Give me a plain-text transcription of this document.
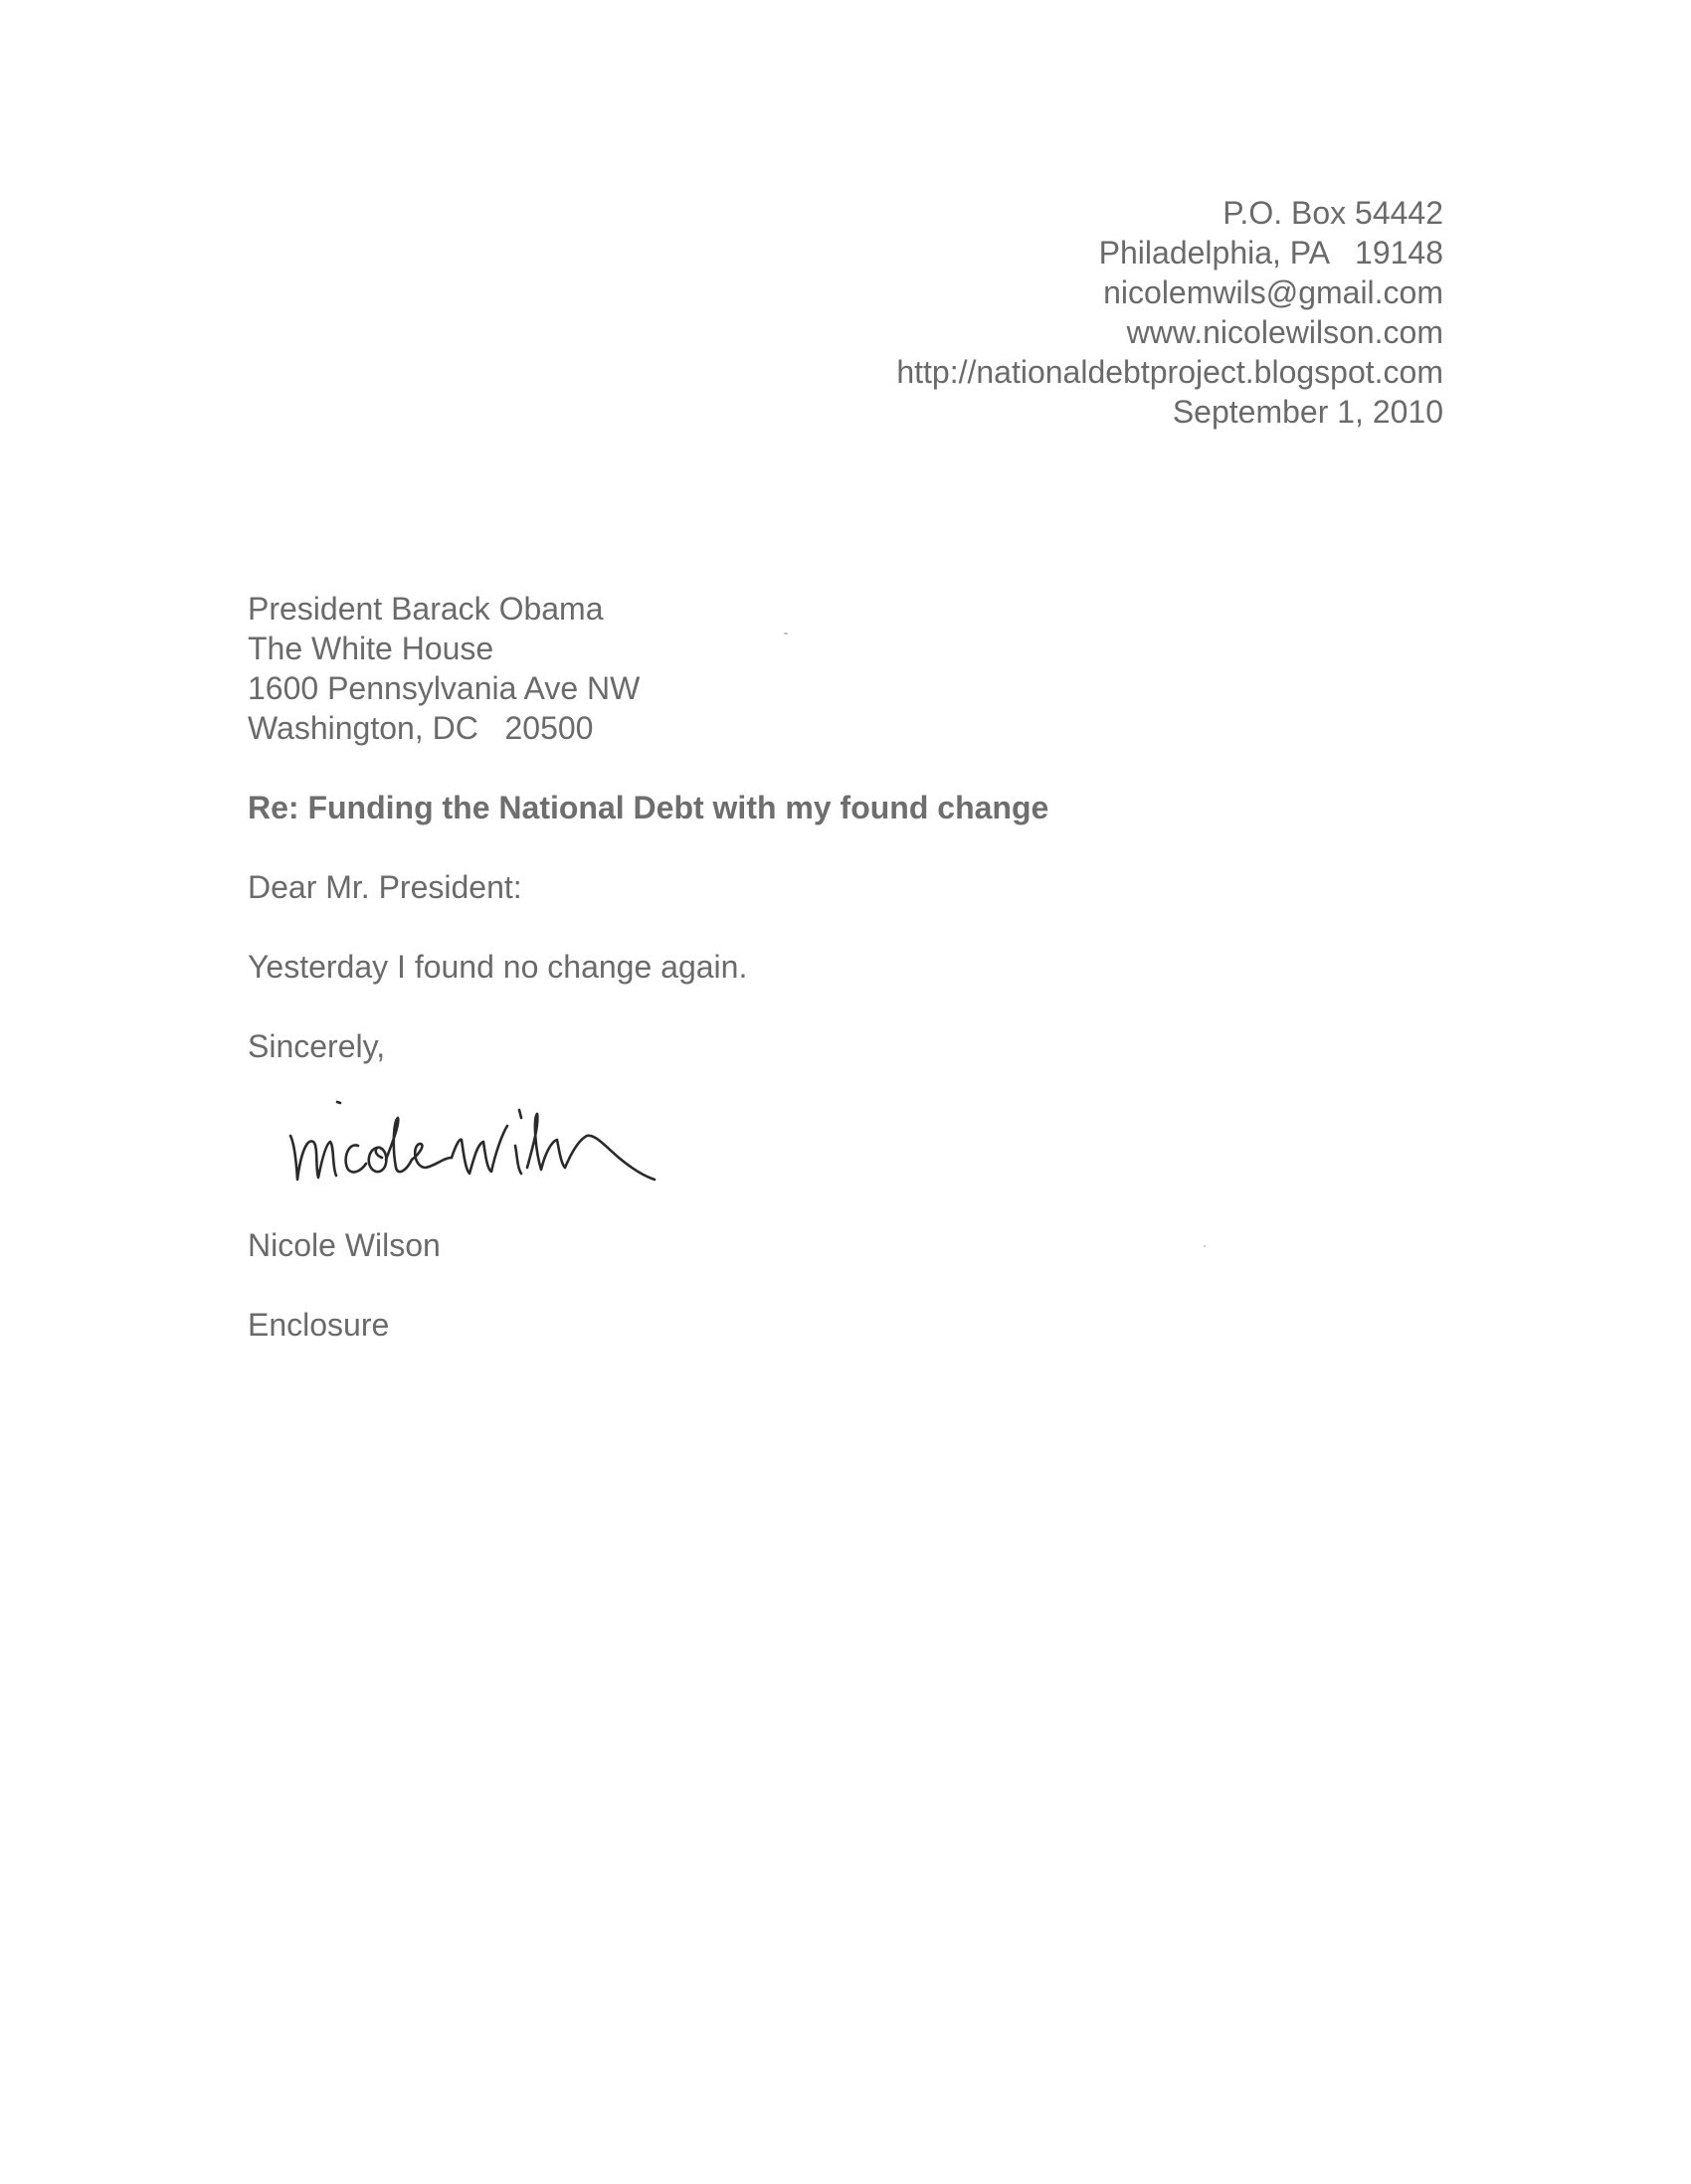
P.O. Box 54442
Philadelphia, PA   19148
nicolemwils@gmail.com
www.nicolewilson.com
http://nationaldebtproject.blogspot.com
September 1, 2010
President Barack Obama
The White House
1600 Pennsylvania Ave NW
Washington, DC   20500
Re: Funding the National Debt with my found change
Dear Mr. President:
Yesterday I found no change again.
Sincerely,
Nicole Wilson
Enclosure
